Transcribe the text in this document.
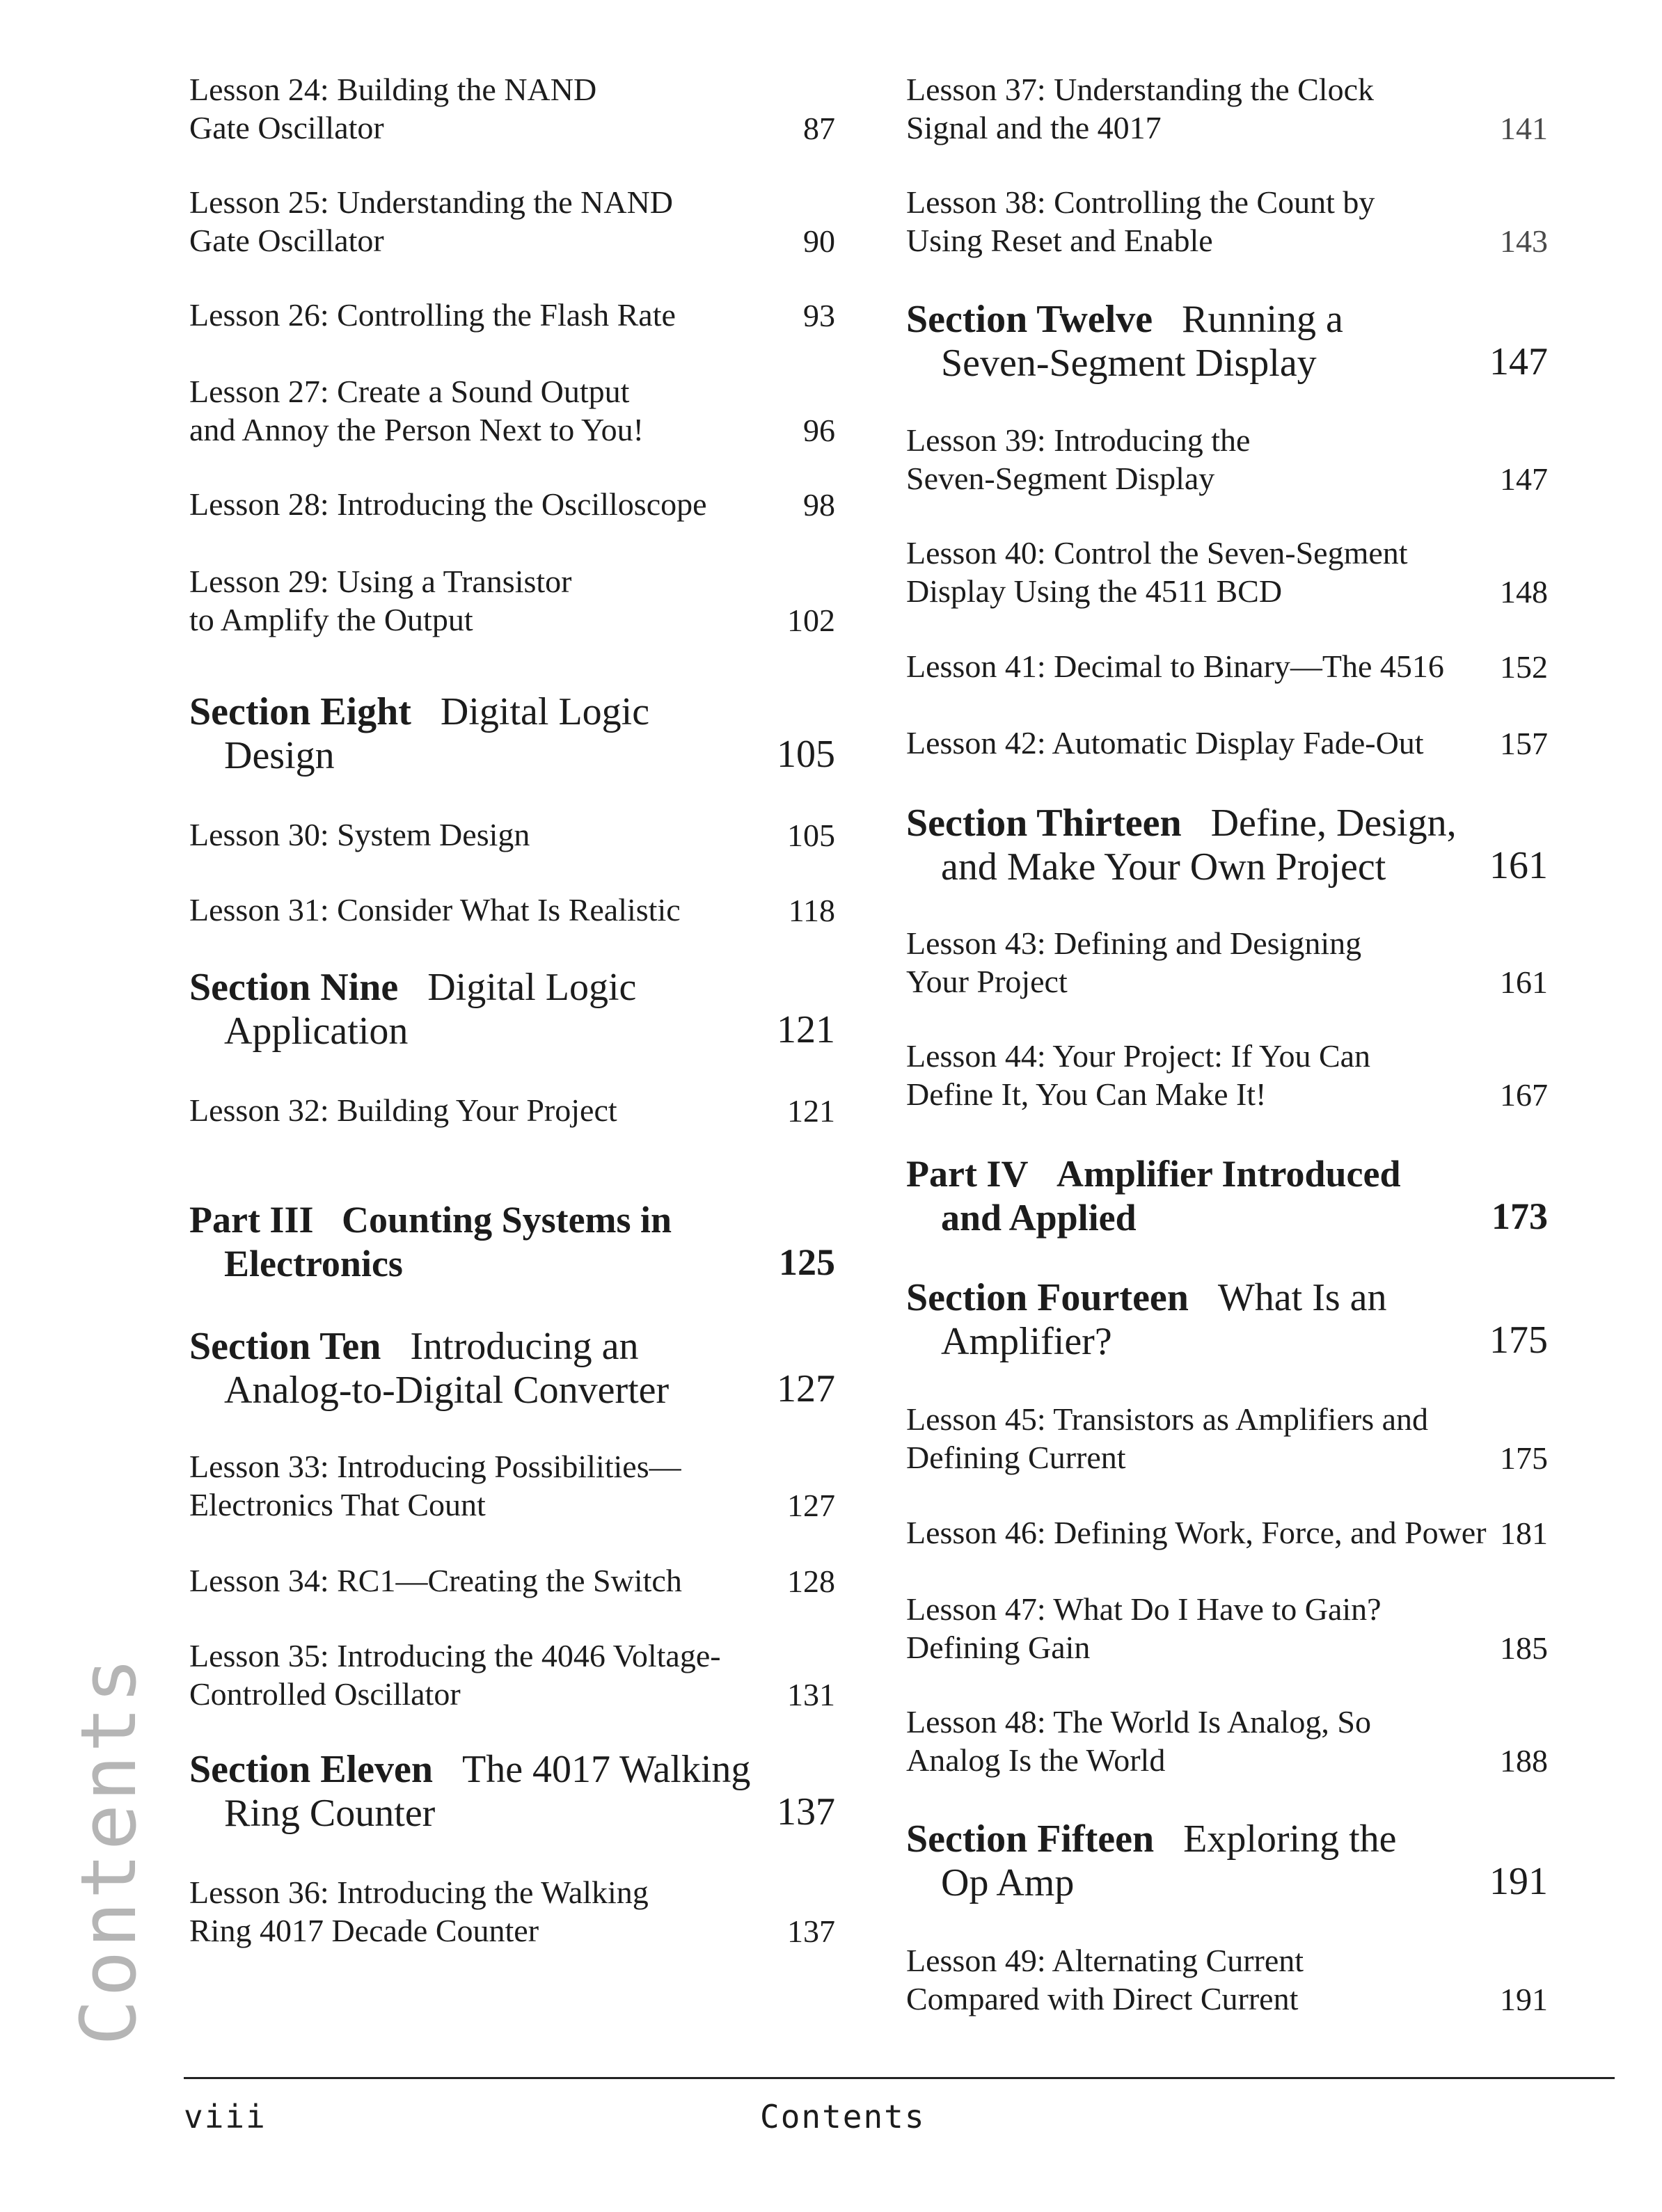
Contents
Lesson 24: Building the NAND
Gate Oscillator	87
Lesson 25: Understanding the NAND
Gate Oscillator	90
Lesson 26: Controlling the Flash Rate	93
Lesson 27: Create a Sound Output
and Annoy the Person Next to You!	96
Lesson 28: Introducing the Oscilloscope	98
Lesson 29: Using a Transistor
to Amplify the Output	102
Section Eight Digital Logic
Design	105
Lesson 30: System Design	105
Lesson 31: Consider What Is Realistic	118
Section Nine Digital Logic
Application	121
Lesson 32: Building Your Project	121
Part III Counting Systems in
Electronics	125
Section Ten Introducing an
Analog-to-Digital Converter	127
Lesson 33: Introducing Possibilities—
Electronics That Count	127
Lesson 34: RC1—Creating the Switch	128
Lesson 35: Introducing the 4046 Voltage-
Controlled Oscillator	131
Section Eleven The 4017 Walking
Ring Counter	137
Lesson 36: Introducing the Walking
Ring 4017 Decade Counter	137
Lesson 37: Understanding the Clock
Signal and the 4017	141
Lesson 38: Controlling the Count by
Using Reset and Enable	143
Section Twelve Running a
Seven-Segment Display	147
Lesson 39: Introducing the
Seven-Segment Display	147
Lesson 40: Control the Seven-Segment
Display Using the 4511 BCD	148
Lesson 41: Decimal to Binary—The 4516 152
Lesson 42: Automatic Display Fade-Out	157
Section Thirteen Define, Design,
and Make Your Own Project	161
Lesson 43: Defining and Designing
Your Project	161
Lesson 44: Your Project: If You Can
Define It, You Can Make It!	167
Part IV Amplifier Introduced
and Applied	173
Section Fourteen What Is an
Amplifier?	175
Lesson 45: Transistors as Amplifiers and
Defining Current	175
Lesson 46: Defining Work, Force, and Power 181
Lesson 47: What Do I Have to Gain?
Defining Gain	185
Lesson 48: The World Is Analog, So
Analog Is the World	188
Section Fifteen Exploring the
Op Amp	191
Lesson 49: Alternating Current
Compared with Direct Current	191
viii	Contents
